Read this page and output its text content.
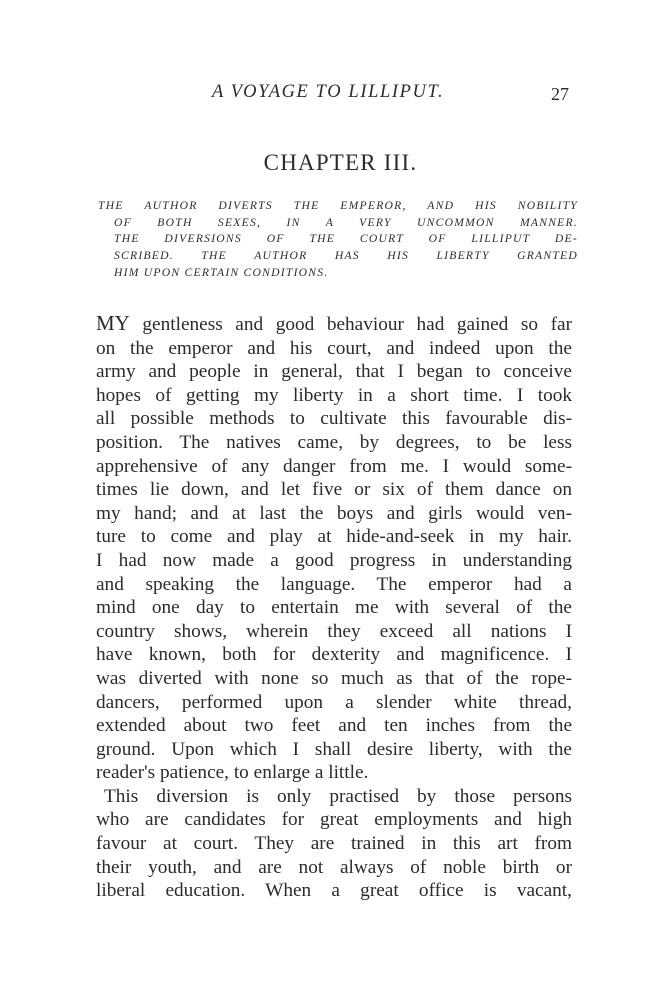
A VOYAGE TO LILLIPUT.	27
CHAPTER III.
THE AUTHOR DIVERTS THE EMPEROR, AND HIS NOBILITY
OF BOTH SEXES, IN A VERY UNCOMMON MANNER.
THE DIVERSIONS OF THE COURT OF LILLIPUT DE-
SCRIBED. THE AUTHOR HAS HIS LIBERTY GRANTED
HIM UPON CERTAIN CONDITIONS.
MY gentleness and good behaviour had gained so far
on the emperor and his court, and indeed upon the
army and people in general, that I began to conceive
hopes of getting my liberty in a short time. I took
all possible methods to cultivate this favourable dis-
position. The natives came, by degrees, to be less
apprehensive of any danger from me. I would some-
times lie down, and let five or six of them dance on
my hand; and at last the boys and girls would ven-
ture to come and play at hide-and-seek in my hair.
I had now made a good progress in understanding
and speaking the language. The emperor had a
mind one day to entertain me with several of the
country shows, wherein they exceed all nations I
have known, both for dexterity and magnificence. I
was diverted with none so much as that of the rope-
dancers, performed upon a slender white thread,
extended about two feet and ten inches from the
ground. Upon which I shall desire liberty, with the
reader's patience, to enlarge a little.
This diversion is only practised by those persons
who are candidates for great employments and high
favour at court. They are trained in this art from
their youth, and are not always of noble birth or
liberal education. When a great office is vacant,
